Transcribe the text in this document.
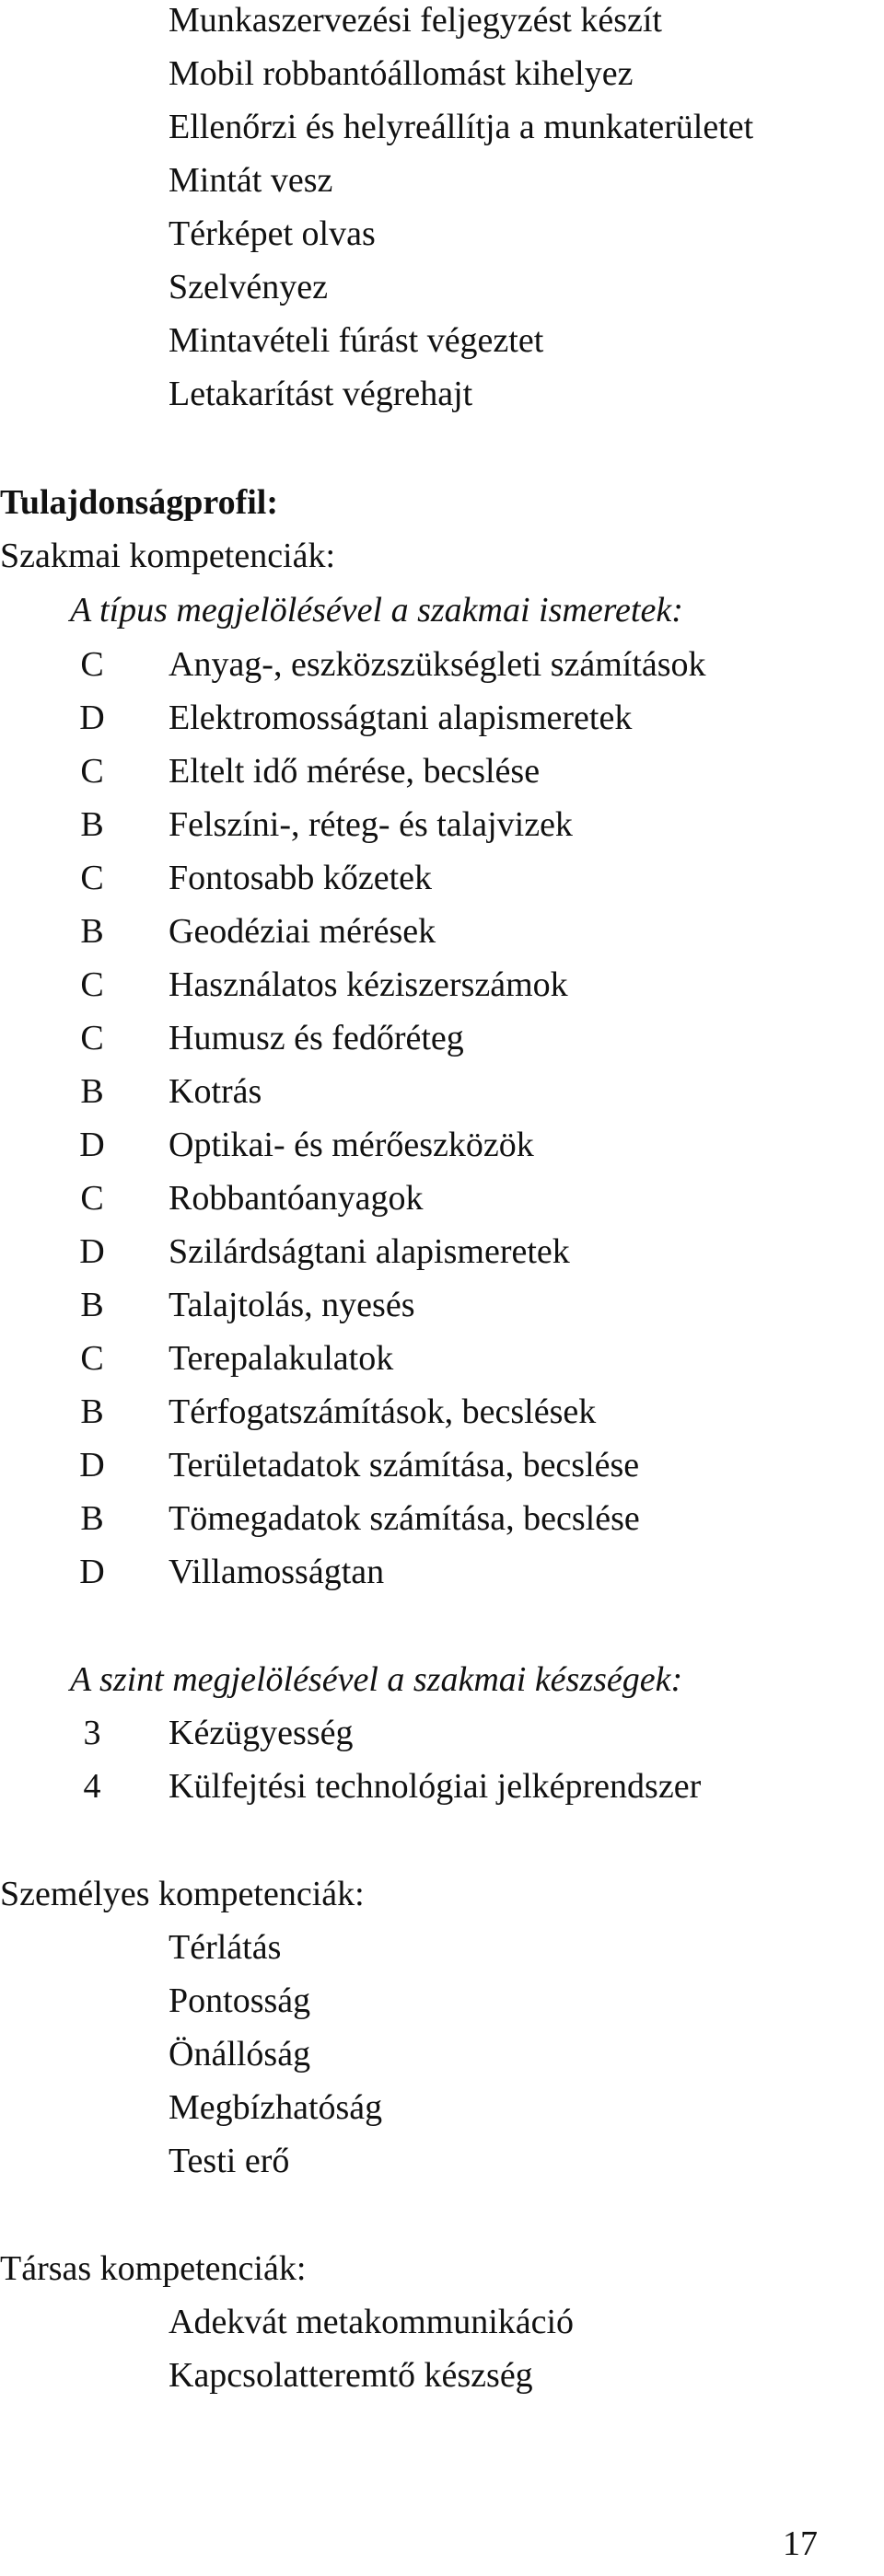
Munkaszervezési feljegyzést készít
Mobil robbantóállomást kihelyez
Ellenőrzi és helyreállítja a munkaterületet
Mintát vesz
Térképet olvas
Szelvényez
Mintavételi fúrást végeztet
Letakarítást végrehajt
Tulajdonságprofil:
Szakmai kompetenciák:
A típus megjelölésével a szakmai ismeretek:
C Anyag-, eszközszükségleti számítások
D Elektromosságtani alapismeretek
C Eltelt idő mérése, becslése
B Felszíni-, réteg- és talajvizek
C Fontosabb kőzetek
B Geodéziai mérések
C Használatos kéziszerszámok
C Humusz és fedőréteg
B Kotrás
D Optikai- és mérőeszközök
C Robbantóanyagok
D Szilárdságtani alapismeretek
B Talajtolás, nyesés
C Terepalakulatok
B Térfogatszámítások, becslések
D Területadatok számítása, becslése
B Tömegadatok számítása, becslése
D Villamosságtan
A szint megjelölésével a szakmai készségek:
3 Kézügyesség
4 Külfejtési technológiai jelképrendszer
Személyes kompetenciák:
Térlátás
Pontosság
Önállóság
Megbízhatóság
Testi erő
Társas kompetenciák:
Adekvát metakommunikáció
Kapcsolatteremtő készség
17
